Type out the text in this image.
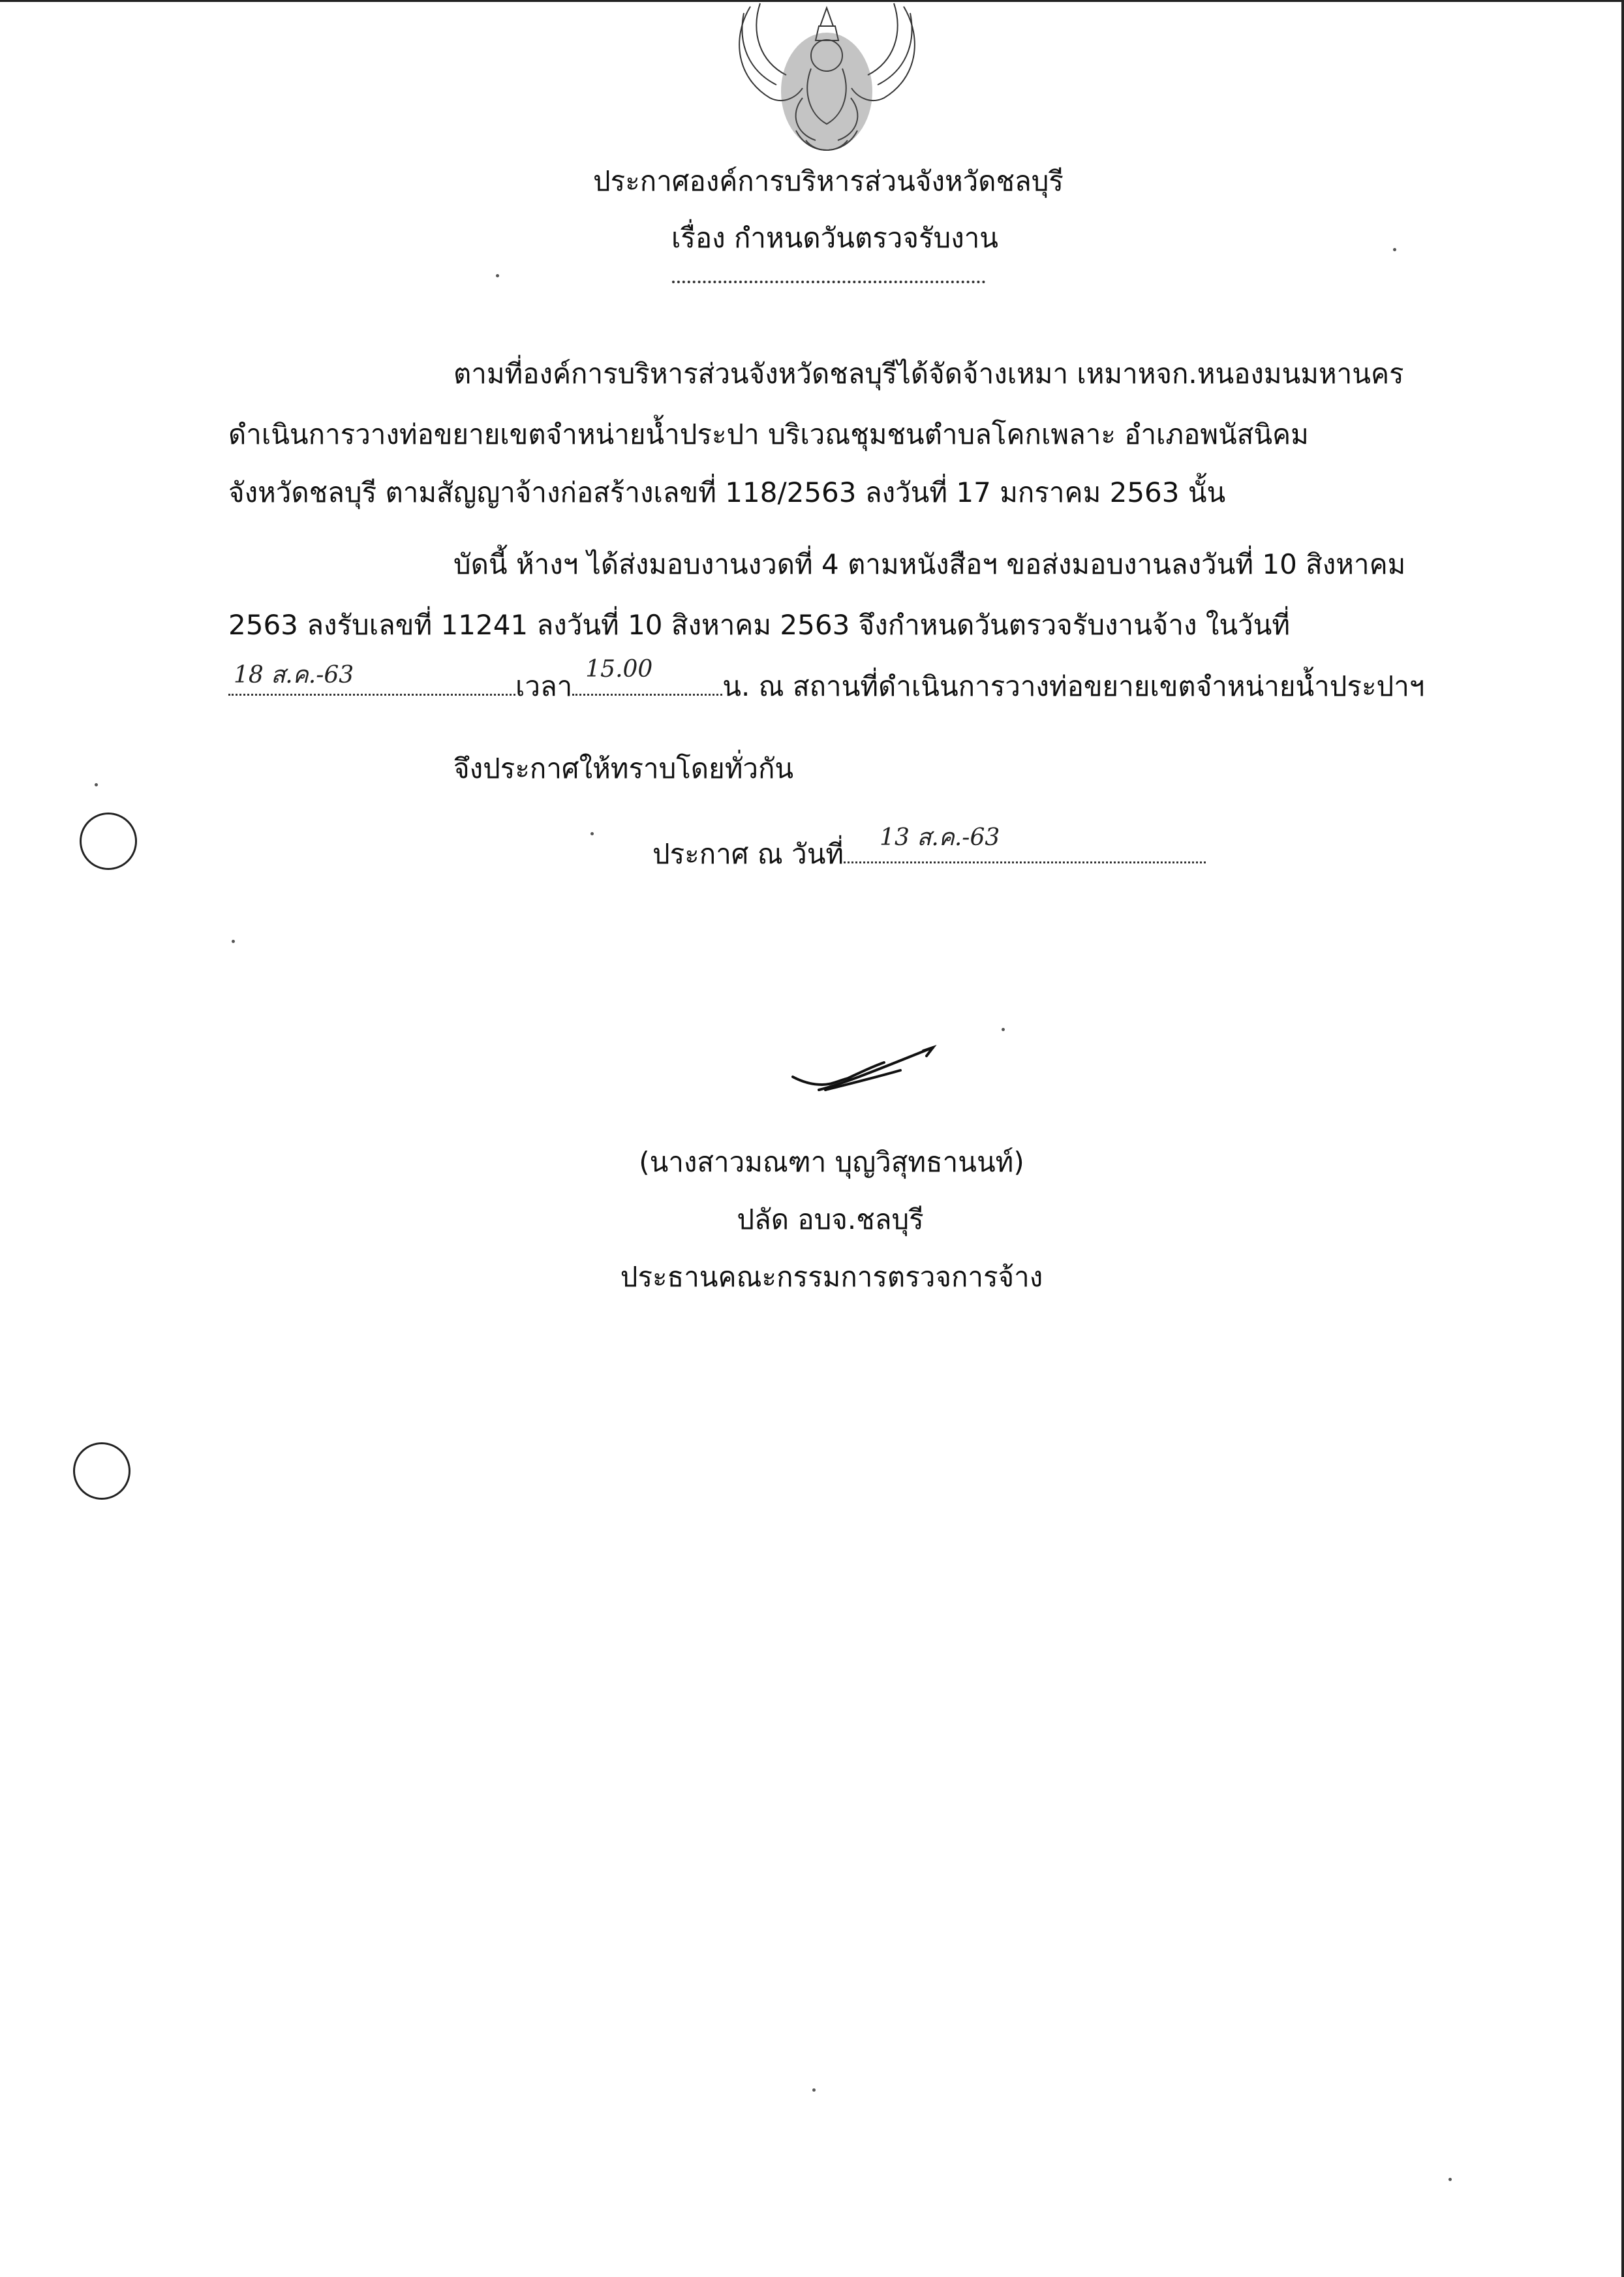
ประกาศองค์การบริหารส่วนจังหวัดชลบุรี
เรื่อง กำหนดวันตรวจรับงาน
ตามที่องค์การบริหารส่วนจังหวัดชลบุรีได้จัดจ้างเหมา เหมาหจก.หนองมนมหานคร
ดำเนินการวางท่อขยายเขตจำหน่ายน้ำประปา บริเวณชุมชนตำบลโคกเพลาะ อำเภอพนัสนิคม
จังหวัดชลบุรี ตามสัญญาจ้างก่อสร้างเลขที่ 118/2563 ลงวันที่ 17 มกราคม 2563 นั้น
บัดนี้ ห้างฯ ได้ส่งมอบงานงวดที่ 4 ตามหนังสือฯ ขอส่งมอบงานลงวันที่ 10 สิงหาคม
2563 ลงรับเลขที่ 11241 ลงวันที่ 10 สิงหาคม 2563 จึงกำหนดวันตรวจรับงานจ้าง ในวันที่
18 ส.ค.-63	เวลา
15.00
น. ณ สถานที่ดำเนินการวางท่อขยายเขตจำหน่ายน้ำประปาฯ
จึงประกาศให้ทราบโดยทั่วกัน
ประกาศ ณ วันที่
13 ส.ค.-63
(นางสาวมณฑา บุญวิสุทธานนท์)
ปลัด อบจ.ชลบุรี
ประธานคณะกรรมการตรวจการจ้าง
